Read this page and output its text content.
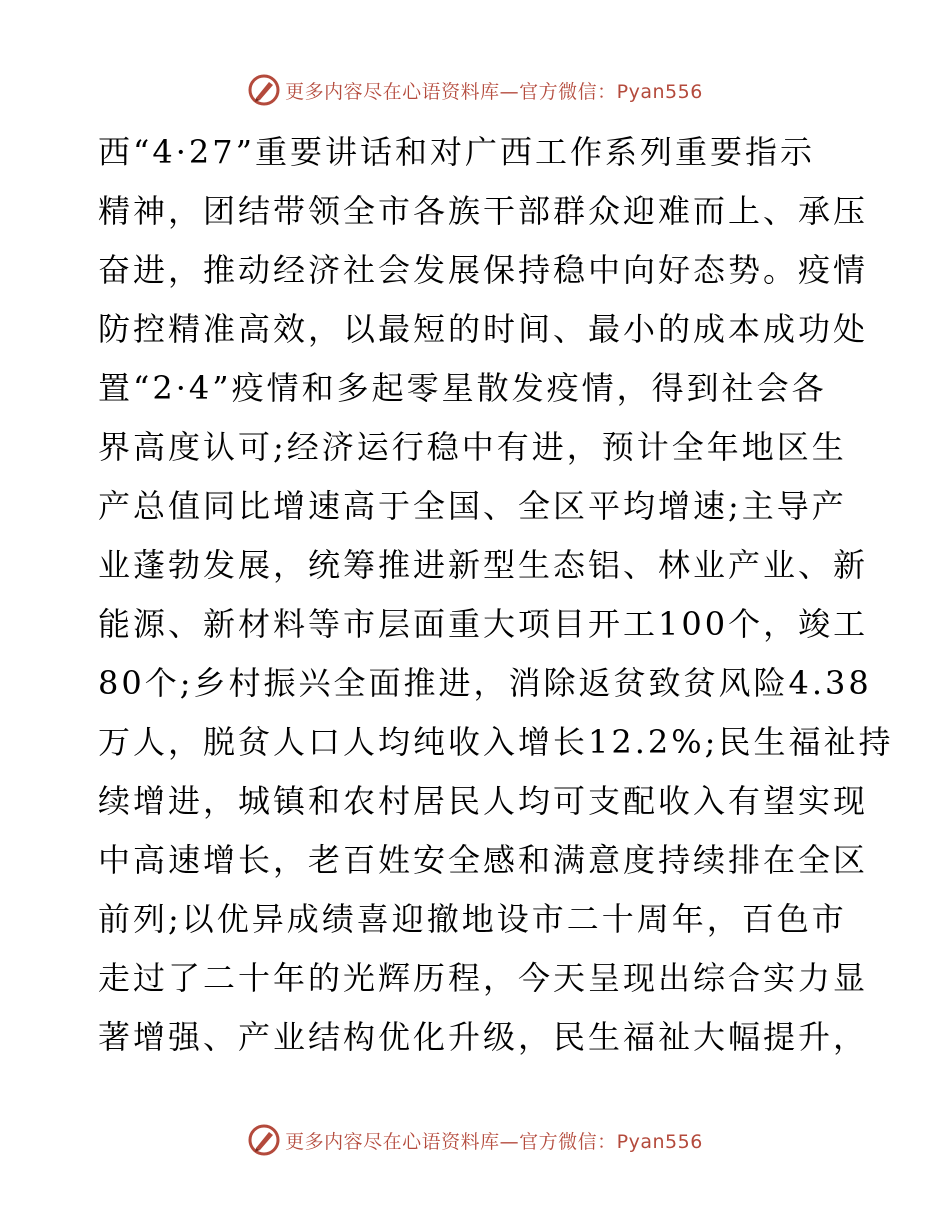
更多内容尽在心语资料库—官方微信：Pyan556
西“4·27”重要讲话和对广西工作系列重要指示
精神，团结带领全市各族干部群众迎难而上、承压
奋进，推动经济社会发展保持稳中向好态势。疫情
防控精准高效，以最短的时间、最小的成本成功处
置“2·4”疫情和多起零星散发疫情，得到社会各
界高度认可;经济运行稳中有进，预计全年地区生
产总值同比增速高于全国、全区平均增速;主导产
业蓬勃发展，统筹推进新型生态铝、林业产业、新
能源、新材料等市层面重大项目开工100个，竣工
80个;乡村振兴全面推进，消除返贫致贫风险4.38
万人，脱贫人口人均纯收入增长12.2%;民生福祉持
续增进，城镇和农村居民人均可支配收入有望实现
中高速增长，老百姓安全感和满意度持续排在全区
前列;以优异成绩喜迎撤地设市二十周年，百色市
走过了二十年的光辉历程，今天呈现出综合实力显
著增强、产业结构优化升级，民生福祉大幅提升，
更多内容尽在心语资料库—官方微信：Pyan556
